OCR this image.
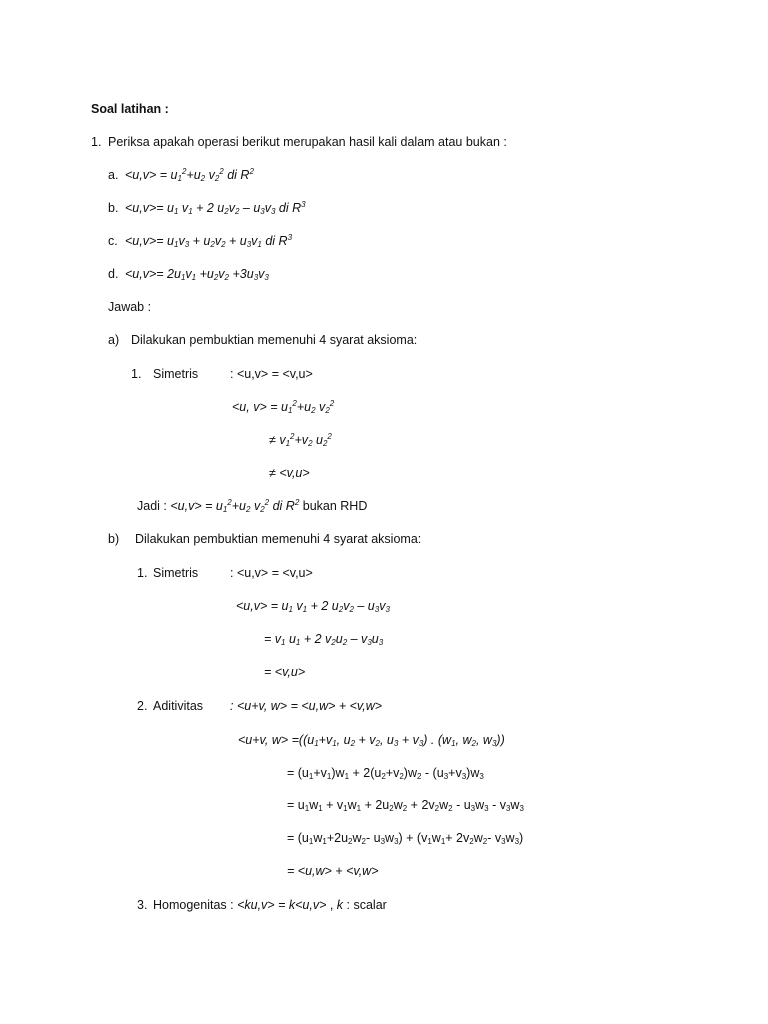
Soal latihan :
1. Periksa apakah operasi berikut merupakan hasil kali dalam atau bukan :
a. $<u,v> = u_1^2+u_2$ $v_2^2$ di $R^2$
b. $<u,v>= u_1$ $v_1 + 2$ $u_2v_2 - u_3v_3$ di $R^3$
c. $<u,v>= u_1v_3 + u_2v_2 + u_3v_1$ di $R^3$
d. $<u,v>= 2u_1v_1 +u_2v_2 +3u_3v_3$
Jawab :
a) Dilakukan pembuktian memenuhi 4 syarat aksioma:
1. Simetris	: <u,v> = <v,u>
<u, $v> = u_1^2+u_2$ $v_2^2$
≠ $v_1^2+v_2$ $u_2^2$
≠ <v,u>
Jadi : $<u,v> = u_1^2+u_2$ $v_2^2$ di $R^2$ bukan RHD
b) Dilakukan pembuktian memenuhi 4 syarat aksioma:
1. Simetris	: <u,v> = <v,u>
$<u,v> = u_1$ $v_1 + 2$ $u_2v_2 - u_3v_3$
= $v_1$ $u_1 + 2$ $v_2u_2 - v_3u_3$
= <v,u>
2. Aditivitas : <u+v, w> = <u,w> + <v,w>
<u+v, $w> =((u_1+v_1$, $u_2 + v_2$, $u_3 + v_3$) . ($w_1$, $w_2$, $w_3$))
= $(u_1+v_1)w_1 + 2(u_2+v_2)w_2 - (u_3+v_3)w_3$
= $u_1w_1 + v_1w_1 + 2u_2w_2 + 2v_2w_2 - u_3w_3 - v_3w_3$
= ($u_1w_1+2u_2w_2-$ $u_3w_3) + (v_1w_1+ 2v_2w_2-$ $v_3w_3$)
= <u,w> + <v,w>
3. Homogenitas : <ku,v> = k<u,v> , k : scalar
